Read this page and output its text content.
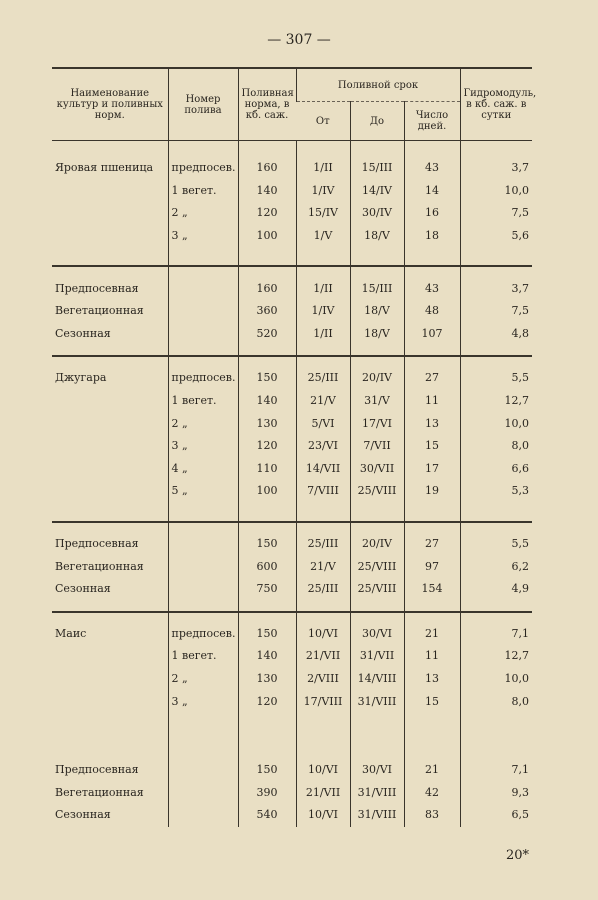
— 307 —
Наименование культур и поливных норм.	Номер полива	Поливная норма, в кб. саж.	Поливной срок			Гидромодуль, в кб. саж. в сутки
			От	До	Число дней.	

Яровая пшеница	предпосев.	160	1/II	15/III	43	3,7
	1 вегет.	140	1/IV	14/IV	14	10,0
	2 „	120	15/IV	30/IV	16	7,5
	3 „	100	1/V	18/V	18	5,6

Предпосевная		160	1/II	15/III	43	3,7
Вегетационная		360	1/IV	18/V	48	7,5
Сезонная		520	1/II	18/V	107	4,8

Джугара	предпосев.	150	25/III	20/IV	27	5,5
	1 вегет.	140	21/V	31/V	11	12,7
	2 „	130	5/VI	17/VI	13	10,0
	3 „	120	23/VI	7/VII	15	8,0
	4 „	110	14/VII	30/VII	17	6,6
	5 „	100	7/VIII	25/VIII	19	5,3

Предпосевная		150	25/III	20/IV	27	5,5
Вегетационная		600	21/V	25/VIII	97	6,2
Сезонная		750	25/III	25/VIII	154	4,9

Маис	предпосев.	150	10/VI	30/VI	21	7,1
	1 вегет.	140	21/VII	31/VII	11	12,7
	2 „	130	2/VIII	14/VIII	13	10,0
	3 „	120	17/VIII	31/VIII	15	8,0

Предпосевная		150	10/VI	30/VI	21	7,1
Вегетационная		390	21/VII	31/VIII	42	9,3
Сезонная		540	10/VI	31/VIII	83	6,5
20*
